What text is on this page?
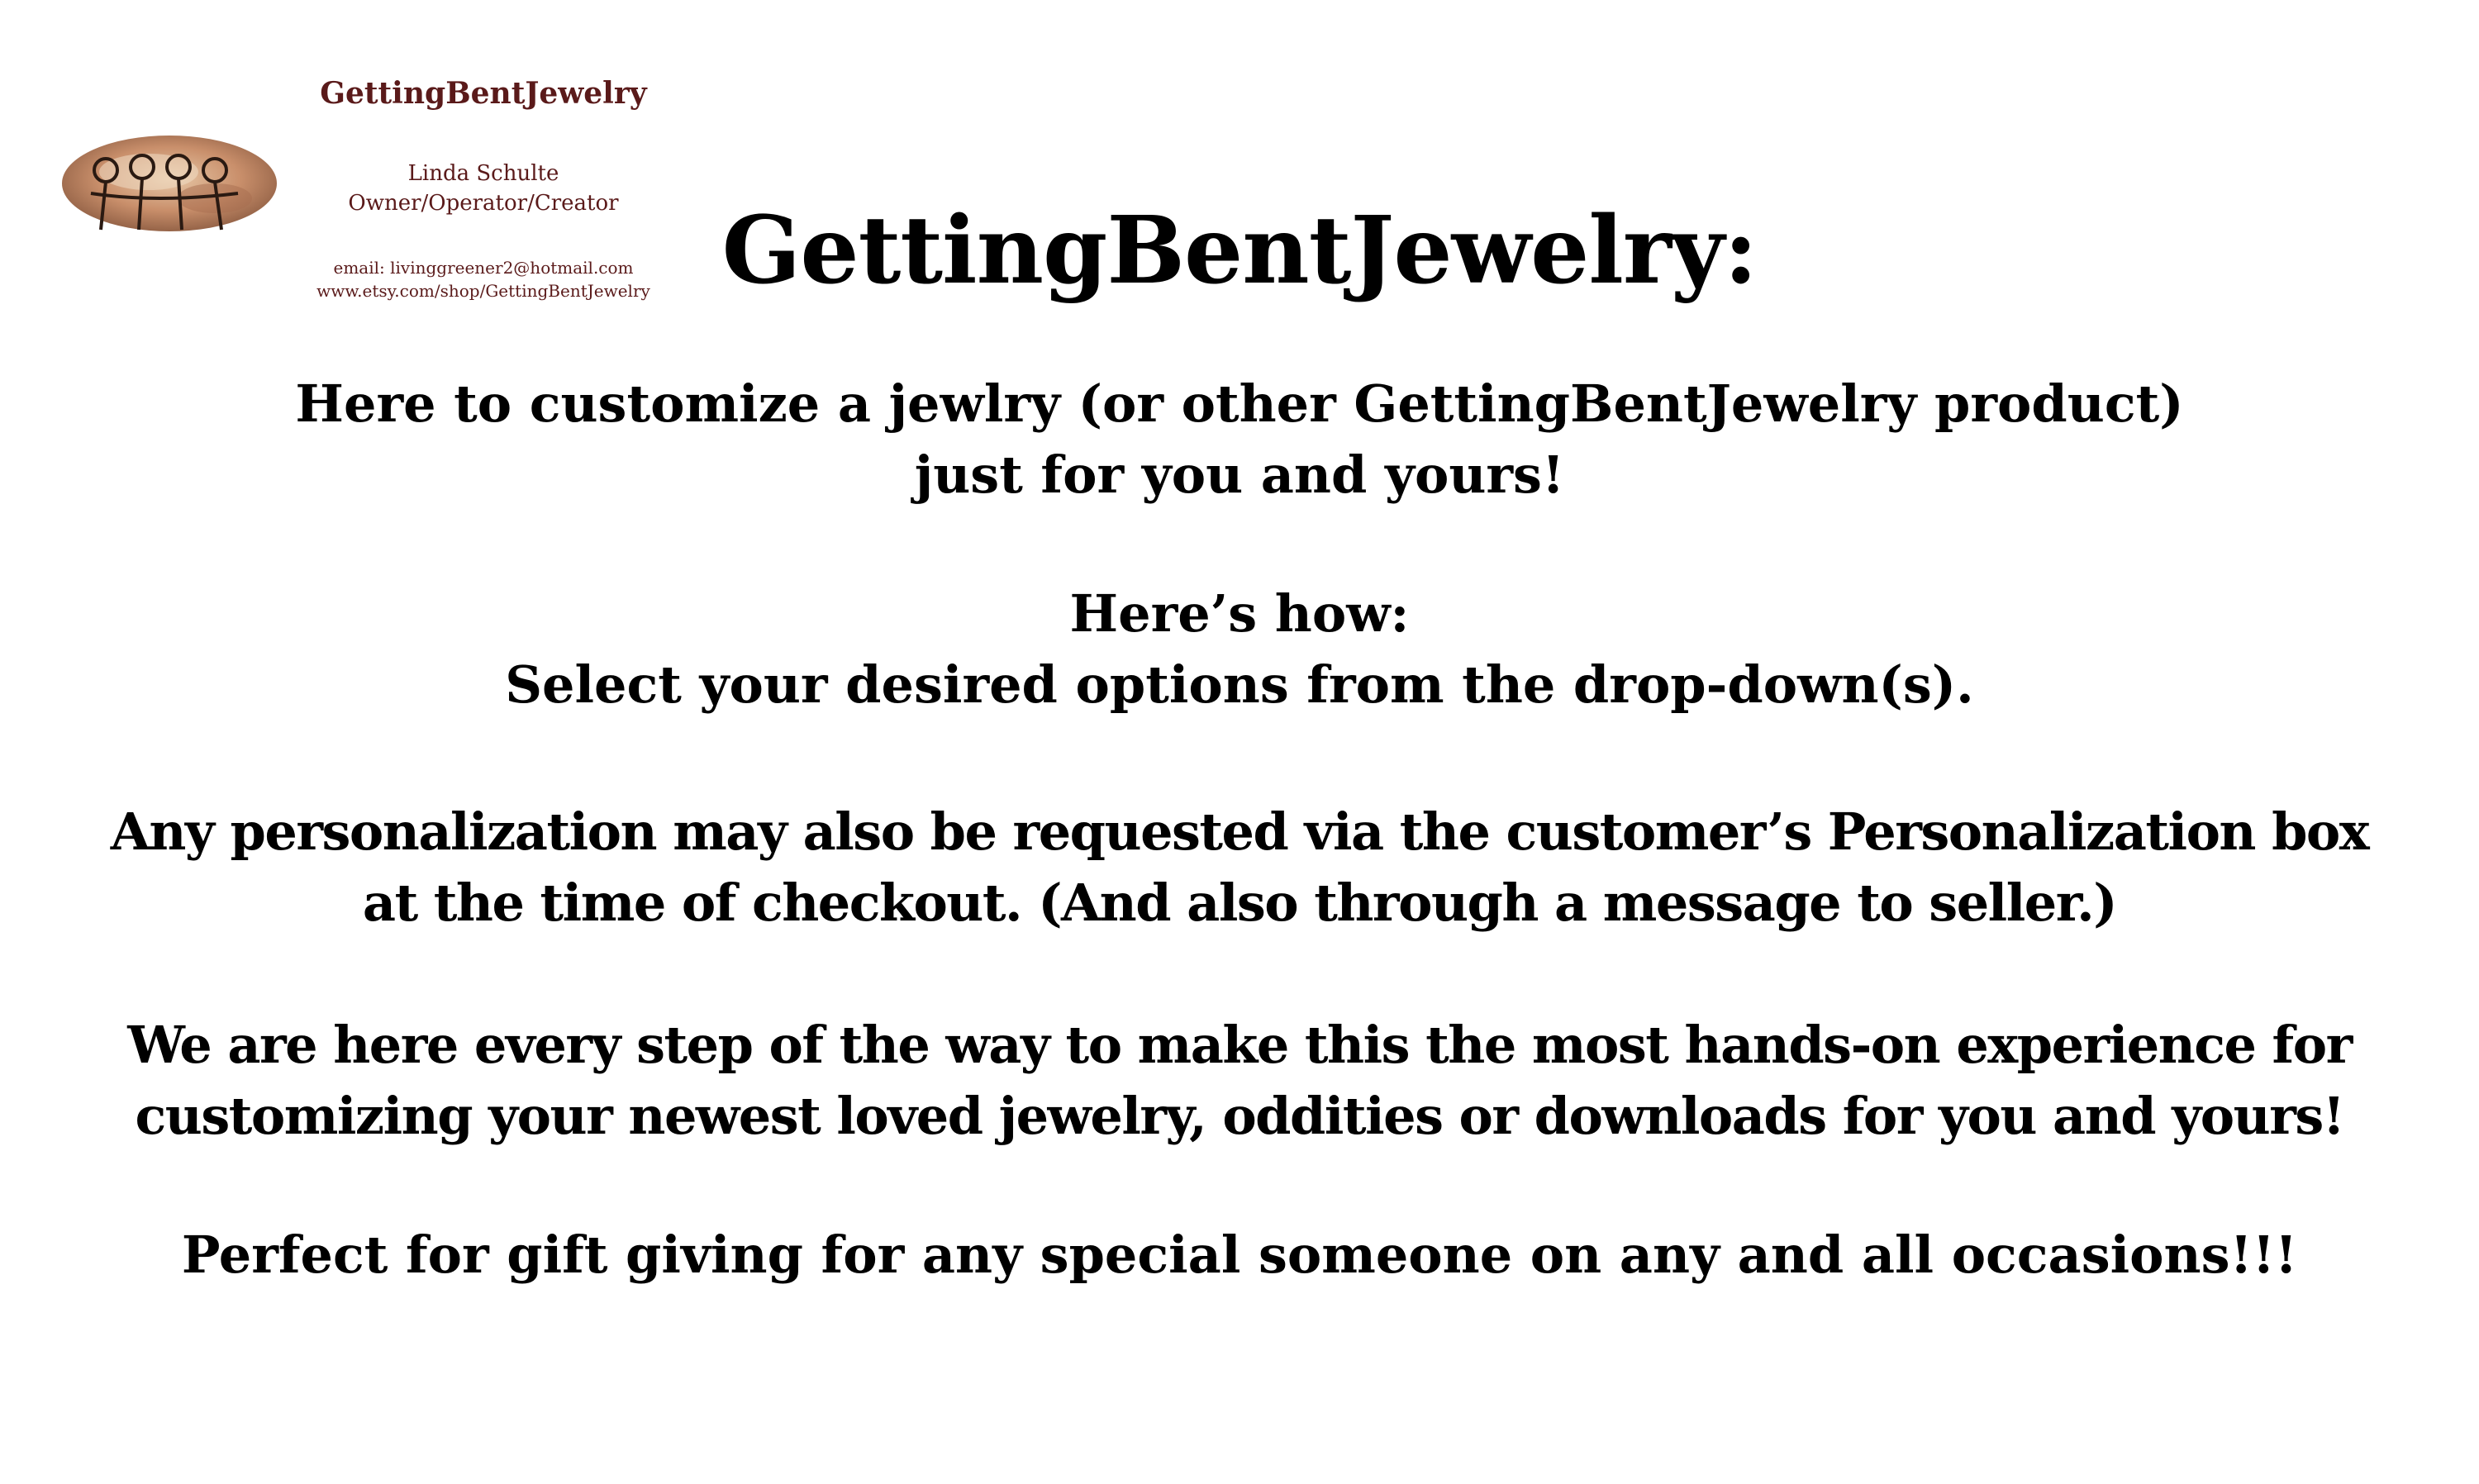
GettingBentJewelry
Linda Schulte
Owner/Operator/Creator
email: livinggreener2@hotmail.com
www.etsy.com/shop/GettingBentJewelry GettingBentJewelry:
Here to customize a jewlry (or other GettingBentJewelry product)
just for you and yours!
Here’s how:
Select your desired options from the drop-down(s).
Any personalization may also be requested via the customer’s Personalization box
at the time of checkout. (And also through a message to seller.)
We are here every step of the way to make this the most hands-on experience for
customizing your newest loved jewelry, oddities or downloads for you and yours!
Perfect for gift giving for any special someone on any and all occasions!!!
